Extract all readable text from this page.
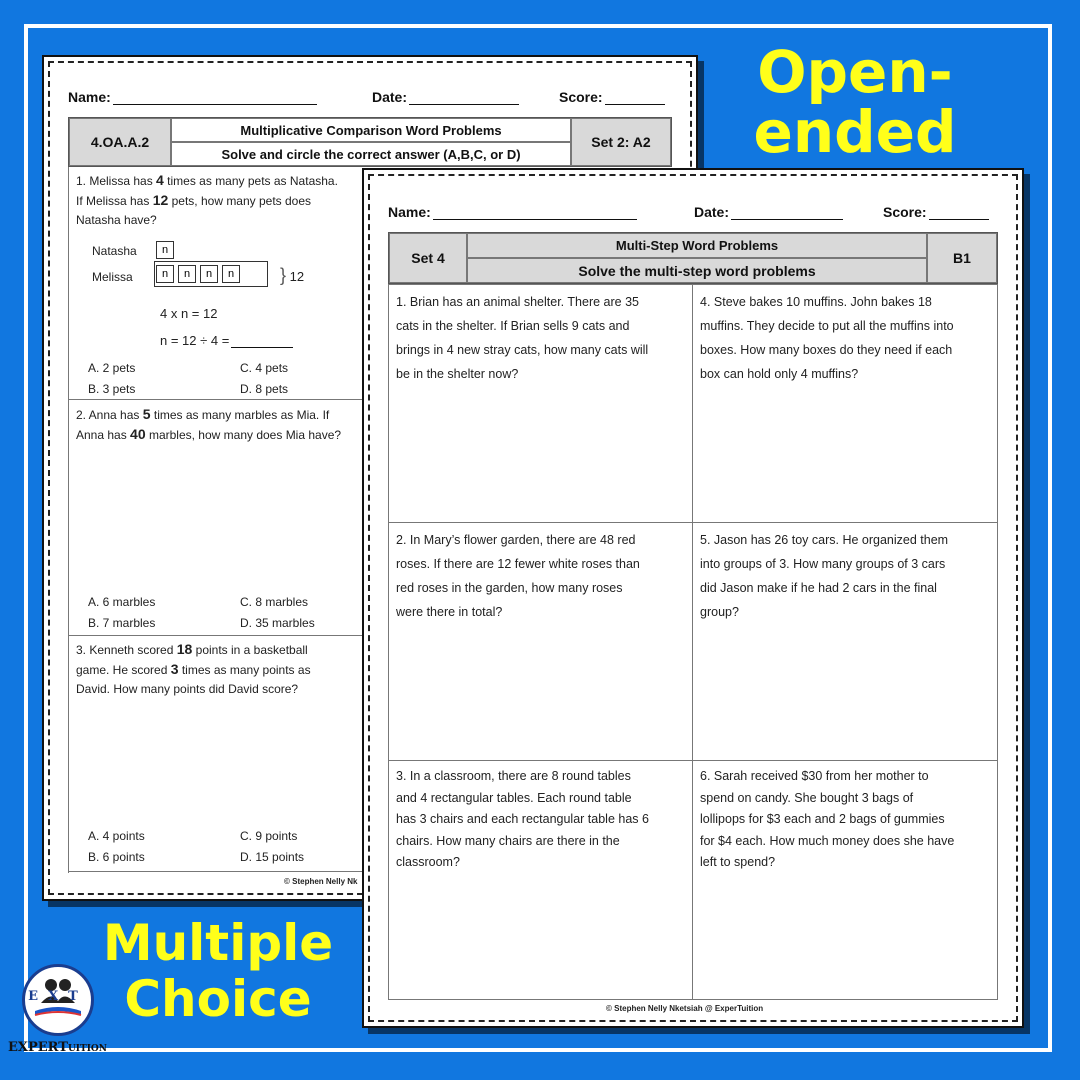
Open-ended
Name:	Date:	Score:
4.OA.A.2
Multiplicative Comparison Word Problems
Solve and circle the correct answer (A,B,C, or D)
Set 2: A2
1. Melissa has 4 times as many pets as Natasha.
If Melissa has 12 pets, how many pets does
Natasha have?
Natasha
Melissa
n
n	n	n	n	} 12
4 x n = 12
n = 12 ÷ 4 =
A. 2 pets
B. 3 pets
C. 4 pets
D. 8 pets
2. Anna has 5 times as many marbles as Mia. If
Anna has 40 marbles, how many does Mia have?
A. 6 marbles
B. 7 marbles
C. 8 marbles
D. 35 marbles
3. Kenneth scored 18 points in a basketball
game. He scored 3 times as many points as
David. How many points did David score?
A. 4 points
B. 6 points
C. 9 points
D. 15 points
© Stephen Nelly Nk
Name:	Date:	Score:
Set 4
Multi-Step Word Problems
Solve the multi-step word problems
B1
1. Brian has an animal shelter. There are 35
cats in the shelter. If Brian sells 9 cats and
brings in 4 new stray cats, how many cats will
be in the shelter now?
4. Steve bakes 10 muffins. John bakes 18
muffins. They decide to put all the muffins into
boxes. How many boxes do they need if each
box can hold only 4 muffins?
2. In Mary’s flower garden, there are 48 red
roses. If there are 12 fewer white roses than
red roses in the garden, how many roses
were there in total?
5. Jason has 26 toy cars. He organized them
into groups of 3. How many groups of 3 cars
did Jason make if he had 2 cars in the final
group?
3. In a classroom, there are 8 round tables
and 4 rectangular tables. Each round table
has 3 chairs and each rectangular table has 6
chairs. How many chairs are there in the
classroom?
6. Sarah received $30 from her mother to
spend on candy. She bought 3 bags of
lollipops for $3 each and 2 bags of gummies
for $4 each. How much money does she have
left to spend?
© Stephen Nelly Nketsiah @ ExperTuition
Multiple
Choice
EXT
EXPERTUITION
